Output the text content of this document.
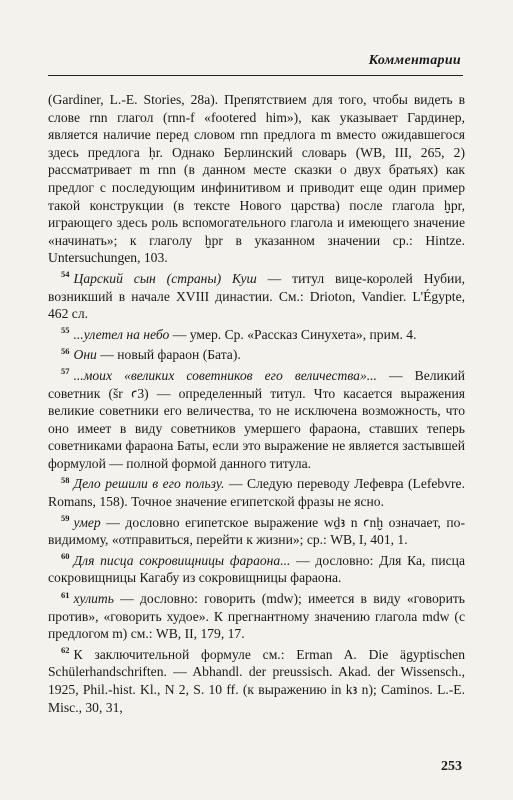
Комментарии

(Gardiner, L.-E. Stories, 28a). Препятствием для того, чтобы видеть в слове rnn глагол (rnn-f «footered him»), как указывает Гардинер, является наличие перед словом rnn предлога m вместо ожидавшегося здесь предлога ḥr. Однако Берлинский словарь (WB, III, 265, 2) рассматривает m rnn (в данном месте сказки о двух братьях) как предлог с последующим инфинитивом и приводит еще один пример такой конструкции (в тексте Нового царства) после глагола ḫpr, играющего здесь роль вспомогательного глагола и имеющего значение «начинать»; к глаголу ḫpr в указанном значении ср.: Hintze. Untersuchungen, 103.

$^{54}$ Царский сын (страны) Куш — титул вице-королей Нубии, возникший в начале XVIII династии. См.: Drioton, Vandier. L'Égypte, 462 сл.

$^{55}$ ...улетел на небо — умер. Ср. «Рассказ Синухета», прим. 4.

$^{56}$ Они — новый фараон (Бата).

$^{57}$ ...моих «великих советников его величества»... — Великий советник (šr ꜥ3) — определенный титул. Что касается выражения великие советники его величества, то не исключена возможность, что оно имеет в виду советников умершего фараона, ставших теперь советниками фараона Баты, если это выражение не является застывшей формулой — полной формой данного титула.

$^{58}$ Дело решили в его пользу. — Следую переводу Лефевра (Lefebvre. Romans, 158). Точное значение египетской фразы не ясно.

$^{59}$ умер — дословно египетское выражение wḏꜣ n ꜥnḫ означает, по-видимому, «отправиться, перейти к жизни»; ср.: WB, I, 401, 1.

$^{60}$ Для писца сокровищницы фараона... — дословно: Для Ка, писца сокровищницы Кагабу из сокровищницы фараона.

$^{61}$ хулить — дословно: говорить (mdw); имеется в виду «говорить против», «говорить худое». К прегнантному значению глагола mdw (с предлогом m) см.: WB, II, 179, 17.

$^{62}$ К заключительной формуле см.: Erman A. Die ägyptischen Schülerhandschriften. — Abhandl. der preussisch. Akad. der Wissensch., 1925, Phil.-hist. Kl., N 2, S. 10 ff. (к выражению in kꜣ n); Caminos. L.-E. Misc., 30, 31,

253
